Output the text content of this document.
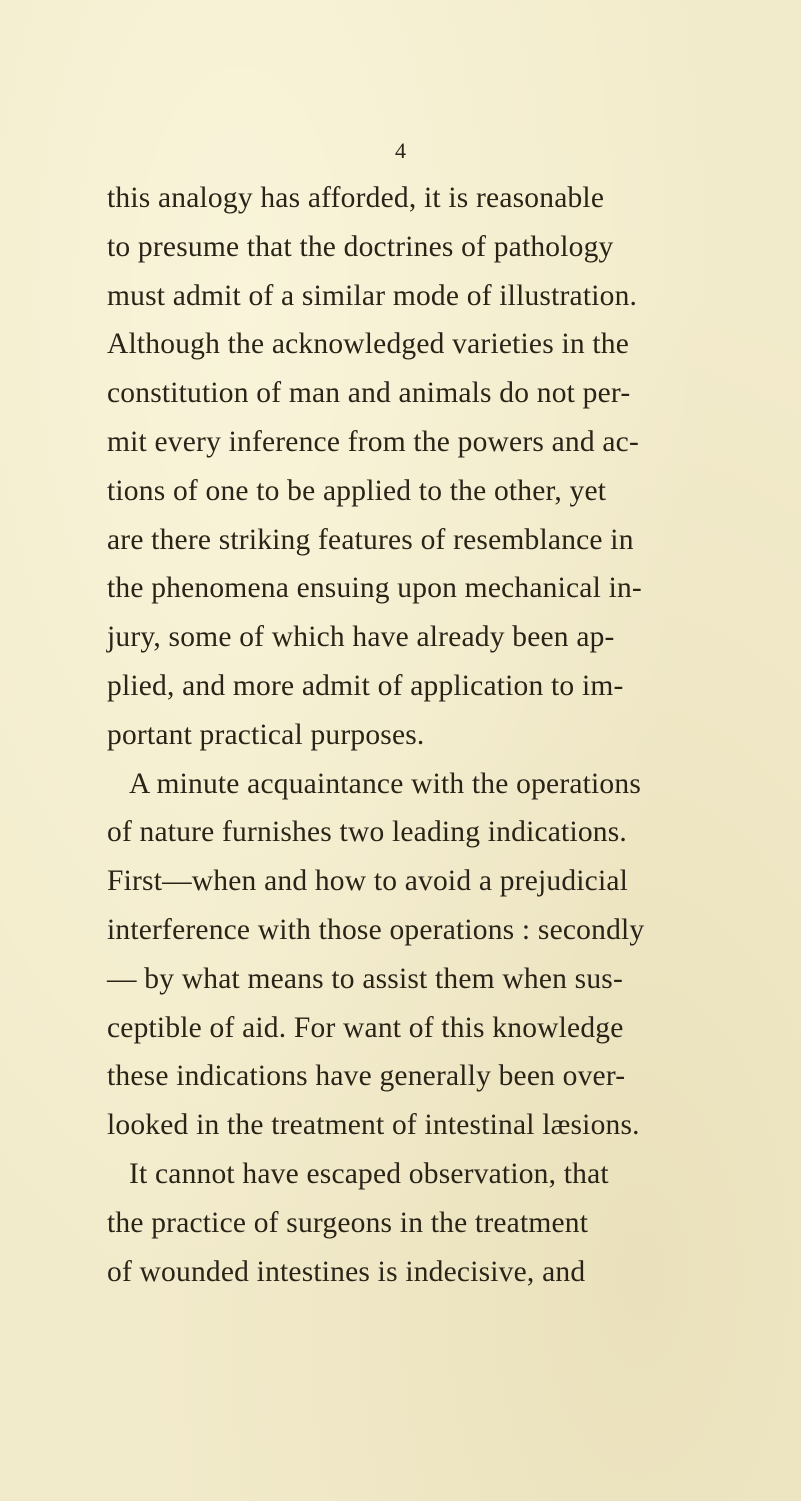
4
this analogy has afforded, it is reasonable
to presume that the doctrines of pathology
must admit of a similar mode of illustration.
Although the acknowledged varieties in the
constitution of man and animals do not per-
mit every inference from the powers and ac-
tions of one to be applied to the other, yet
are there striking features of resemblance in
the phenomena ensuing upon mechanical in-
jury, some of which have already been ap-
plied, and more admit of application to im-
portant practical purposes.
A minute acquaintance with the operations
of nature furnishes two leading indications.
First—when and how to avoid a prejudicial
interference with those operations : secondly
— by what means to assist them when sus-
ceptible of aid. For want of this knowledge
these indications have generally been over-
looked in the treatment of intestinal læsions.
It cannot have escaped observation, that
the practice of surgeons in the treatment
of wounded intestines is indecisive, and
